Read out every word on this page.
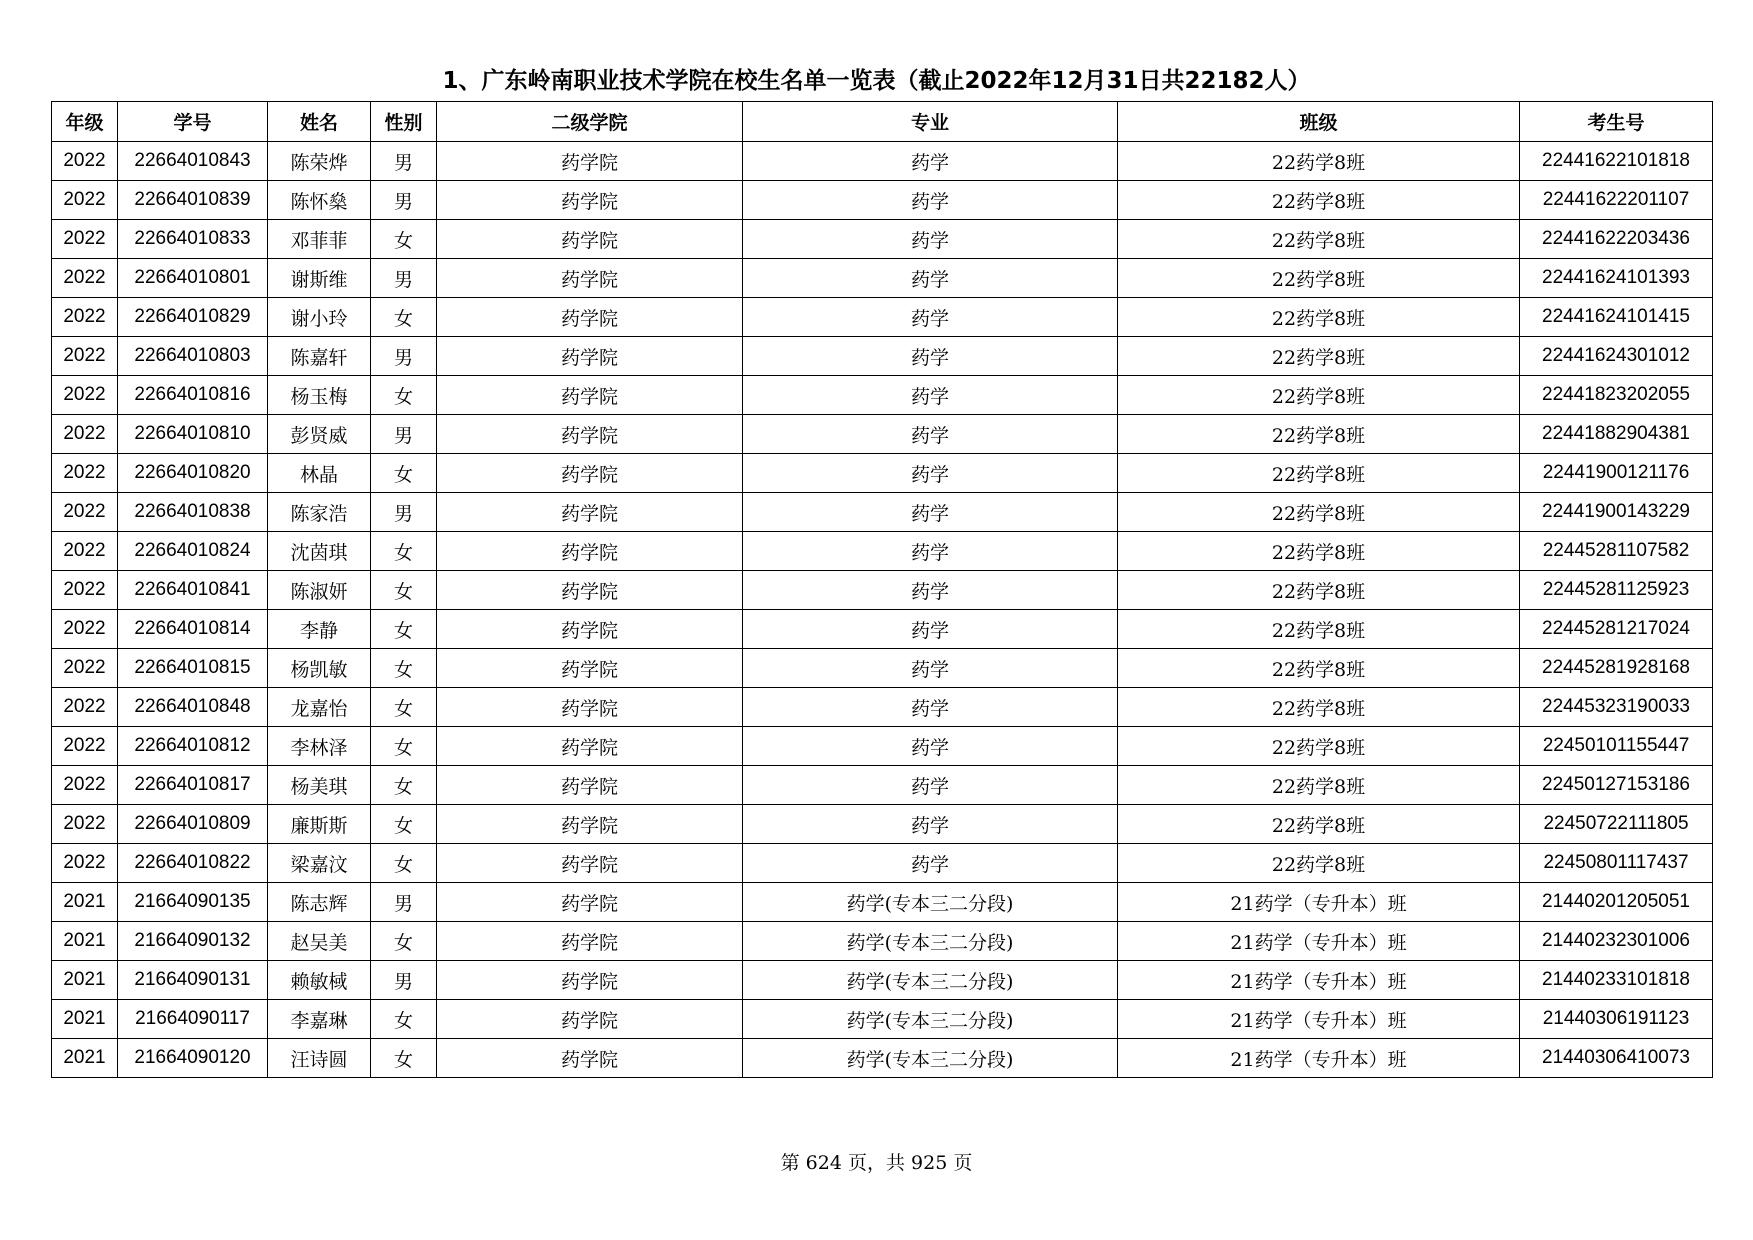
1、广东岭南职业技术学院在校生名单一览表（截止2022年12月31日共22182人）
年级	学号	姓名	性别	二级学院	专业	班级	考生号
2022	22664010843	陈荣烨	男	药学院	药学	22药学8班	22441622101818
2022	22664010839	陈怀燊	男	药学院	药学	22药学8班	22441622201107
2022	22664010833	邓菲菲	女	药学院	药学	22药学8班	22441622203436
2022	22664010801	谢斯维	男	药学院	药学	22药学8班	22441624101393
2022	22664010829	谢小玲	女	药学院	药学	22药学8班	22441624101415
2022	22664010803	陈嘉轩	男	药学院	药学	22药学8班	22441624301012
2022	22664010816	杨玉梅	女	药学院	药学	22药学8班	22441823202055
2022	22664010810	彭贤威	男	药学院	药学	22药学8班	22441882904381
2022	22664010820	林晶	女	药学院	药学	22药学8班	22441900121176
2022	22664010838	陈家浩	男	药学院	药学	22药学8班	22441900143229
2022	22664010824	沈茵琪	女	药学院	药学	22药学8班	22445281107582
2022	22664010841	陈淑妍	女	药学院	药学	22药学8班	22445281125923
2022	22664010814	李静	女	药学院	药学	22药学8班	22445281217024
2022	22664010815	杨凯敏	女	药学院	药学	22药学8班	22445281928168
2022	22664010848	龙嘉怡	女	药学院	药学	22药学8班	22445323190033
2022	22664010812	李林泽	女	药学院	药学	22药学8班	22450101155447
2022	22664010817	杨美琪	女	药学院	药学	22药学8班	22450127153186
2022	22664010809	廉斯斯	女	药学院	药学	22药学8班	22450722111805
2022	22664010822	梁嘉汶	女	药学院	药学	22药学8班	22450801117437
2021	21664090135	陈志辉	男	药学院	药学(专本三二分段)	21药学（专升本）班	21440201205051
2021	21664090132	赵吴美	女	药学院	药学(专本三二分段)	21药学（专升本）班	21440232301006
2021	21664090131	赖敏棫	男	药学院	药学(专本三二分段)	21药学（专升本）班	21440233101818
2021	21664090117	李嘉琳	女	药学院	药学(专本三二分段)	21药学（专升本）班	21440306191123
2021	21664090120	汪诗圆	女	药学院	药学(专本三二分段)	21药学（专升本）班	21440306410073
第 624 页，共 925 页
